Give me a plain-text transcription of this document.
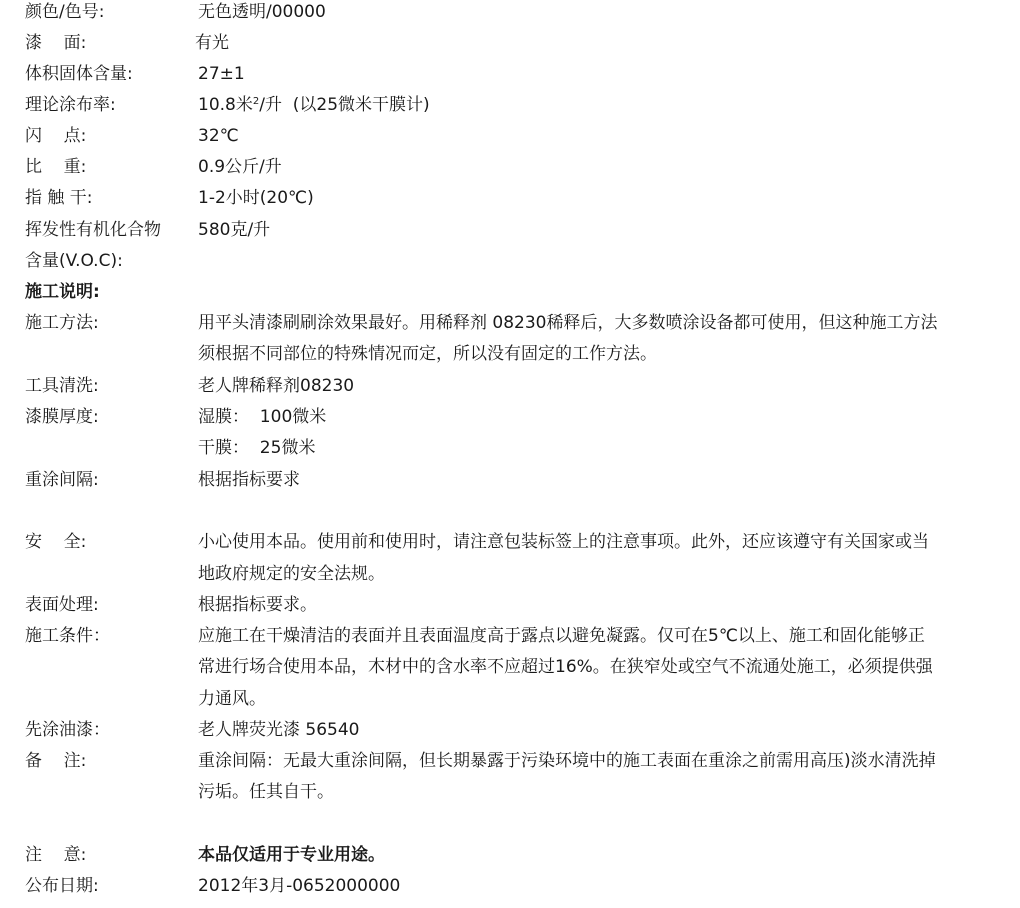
颜色/色号:	无色透明/00000
漆    面:	有光
体积固体含量:	27±1
理论涂布率:	10.8米$^2$/升  (以25微米干膜计)
闪    点:	32℃
比    重:	0.9公斤/升
指 触 干:	1-2小时(20℃)
挥发性有机化合物 580克/升
含量(V.O.C):
施工说明:
施工方法:	用平头清漆刷刷涂效果最好。用稀释剂 08230稀释后，大多数喷涂设备都可使用，但这种施工方法
须根据不同部位的特殊情况而定，所以没有固定的工作方法。
工具清洗:	老人牌稀释剂08230
漆膜厚度:	湿膜：  100微米
干膜：  25微米
重涂间隔:	根据指标要求
安    全:	小心使用本品。使用前和使用时，请注意包装标签上的注意事项。此外，还应该遵守有关国家或当
地政府规定的安全法规。
表面处理:	根据指标要求。
施工条件：	应施工在干燥清洁的表面并且表面温度高于露点以避免凝露。仅可在5℃以上、施工和固化能够正
常进行场合使用本品，木材中的含水率不应超过16%。在狭窄处或空气不流通处施工，必须提供强
力通风。
先涂油漆：	老人牌荧光漆 56540
备    注:	重涂间隔：无最大重涂间隔，但长期暴露于污染环境中的施工表面在重涂之前需用高压)淡水清洗掉
污垢。任其自干。
注    意:	本品仅适用于专业用途。
公布日期:	2012年3月-0652000000
